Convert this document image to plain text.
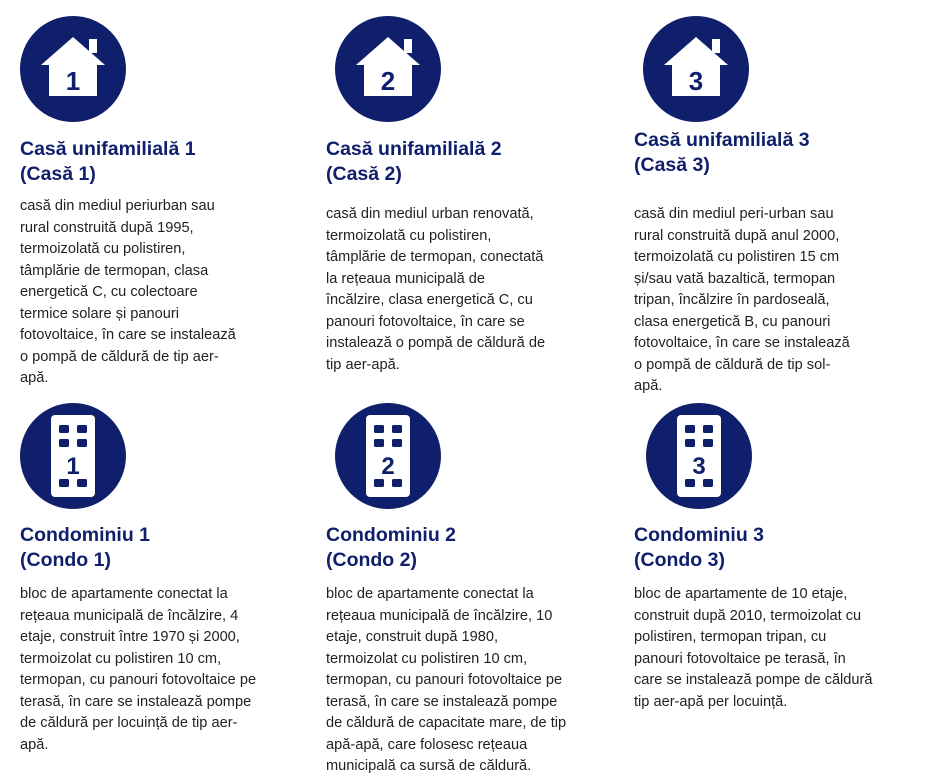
1
Casă unifamilială 1
(Casă 1)
casă din mediul periurban sau
rural construită după 1995,
termoizolată cu polistiren,
tâmplărie de termopan, clasa
energetică C, cu colectoare
termice solare și panouri
fotovoltaice, în care se instalează
o pompă de căldură de tip aer-
apă.
2
Casă unifamilială 2
(Casă 2)
casă din mediul urban renovată,
termoizolată cu polistiren,
tâmplărie de termopan, conectată
la rețeaua municipală de
încălzire, clasa energetică C, cu
panouri fotovoltaice, în care se
instalează o pompă de căldură de
tip aer-apă.
3
Casă unifamilială 3
(Casă 3)
casă din mediul peri-urban sau
rural construită după anul 2000,
termoizolată cu polistiren 15 cm
și/sau vată bazaltică, termopan
tripan, încălzire în pardoseală,
clasa energetică B, cu panouri
fotovoltaice, în care se instalează
o pompă de căldură de tip sol-
apă.
1
Condominiu 1
(Condo 1)
bloc de apartamente conectat la
rețeaua municipală de încălzire, 4
etaje, construit între 1970 și 2000,
termoizolat cu polistiren 10 cm,
termopan, cu panouri fotovoltaice pe
terasă, în care se instalează pompe
de căldură per locuință de tip aer-
apă.
2
Condominiu 2
(Condo 2)
bloc de apartamente conectat la
rețeaua municipală de încălzire, 10
etaje, construit după 1980,
termoizolat cu polistiren 10 cm,
termopan, cu panouri fotovoltaice pe
terasă, în care se instalează pompe
de căldură de capacitate mare, de tip
apă-apă, care folosesc rețeaua
municipală ca sursă de căldură.
3
Condominiu 3
(Condo 3)
bloc de apartamente de 10 etaje,
construit după 2010, termoizolat cu
polistiren, termopan tripan, cu
panouri fotovoltaice pe terasă, în
care se instalează pompe de căldură
tip aer-apă per locuință.
